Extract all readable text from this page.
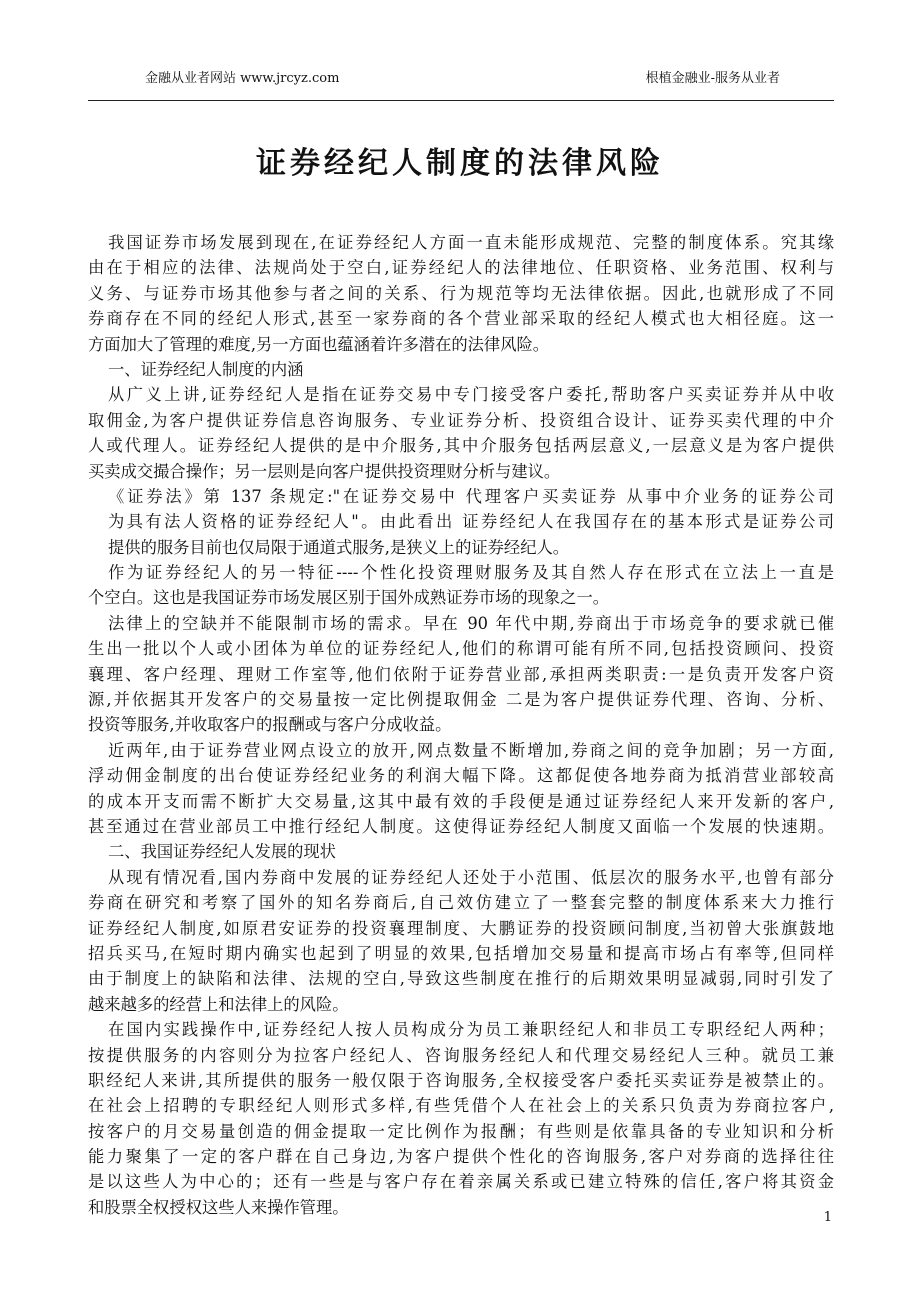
金融从业者网站 www.jrcyz.com	根植金融业-服务从业者
证券经纪人制度的法律风险
我国证券市场发展到现在,在证券经纪人方面一直未能形成规范、完整的制度体系。究其缘
由在于相应的法律、法规尚处于空白,证券经纪人的法律地位、任职资格、业务范围、权利与
义务、与证券市场其他参与者之间的关系、行为规范等均无法律依据。因此,也就形成了不同
券商存在不同的经纪人形式,甚至一家券商的各个营业部采取的经纪人模式也大相径庭。这一
方面加大了管理的难度,另一方面也蕴涵着许多潜在的法律风险。
一、证券经纪人制度的内涵
从广义上讲,证券经纪人是指在证券交易中专门接受客户委托,帮助客户买卖证券并从中收
取佣金,为客户提供证券信息咨询服务、专业证券分析、投资组合设计、证券买卖代理的中介
人或代理人。证券经纪人提供的是中介服务,其中介服务包括两层意义,一层意义是为客户提供
买卖成交撮合操作；另一层则是向客户提供投资理财分析与建议。
《证券法》第 137 条规定:"在证券交易中 代理客户买卖证券 从事中介业务的证券公司
为具有法人资格的证券经纪人"。由此看出 证券经纪人在我国存在的基本形式是证券公司
提供的服务目前也仅局限于通道式服务,是狭义上的证券经纪人。
作为证券经纪人的另一特征----个性化投资理财服务及其自然人存在形式在立法上一直是
个空白。这也是我国证券市场发展区别于国外成熟证券市场的现象之一。
法律上的空缺并不能限制市场的需求。早在 90 年代中期,券商出于市场竞争的要求就已催
生出一批以个人或小团体为单位的证券经纪人,他们的称谓可能有所不同,包括投资顾问、投资
襄理、客户经理、理财工作室等,他们依附于证券营业部,承担两类职责:一是负责开发客户资
源,并依据其开发客户的交易量按一定比例提取佣金 二是为客户提供证券代理、咨询、分析、
投资等服务,并收取客户的报酬或与客户分成收益。
近两年,由于证券营业网点设立的放开,网点数量不断增加,券商之间的竞争加剧；另一方面,
浮动佣金制度的出台使证券经纪业务的利润大幅下降。这都促使各地券商为抵消营业部较高
的成本开支而需不断扩大交易量,这其中最有效的手段便是通过证券经纪人来开发新的客户,
甚至通过在营业部员工中推行经纪人制度。这使得证券经纪人制度又面临一个发展的快速期。
二、我国证券经纪人发展的现状
从现有情况看,国内券商中发展的证券经纪人还处于小范围、低层次的服务水平,也曾有部分
券商在研究和考察了国外的知名券商后,自己效仿建立了一整套完整的制度体系来大力推行
证券经纪人制度,如原君安证券的投资襄理制度、大鹏证券的投资顾问制度,当初曾大张旗鼓地
招兵买马,在短时期内确实也起到了明显的效果,包括增加交易量和提高市场占有率等,但同样
由于制度上的缺陷和法律、法规的空白,导致这些制度在推行的后期效果明显减弱,同时引发了
越来越多的经营上和法律上的风险。
在国内实践操作中,证券经纪人按人员构成分为员工兼职经纪人和非员工专职经纪人两种；
按提供服务的内容则分为拉客户经纪人、咨询服务经纪人和代理交易经纪人三种。就员工兼
职经纪人来讲,其所提供的服务一般仅限于咨询服务,全权接受客户委托买卖证券是被禁止的。
在社会上招聘的专职经纪人则形式多样,有些凭借个人在社会上的关系只负责为券商拉客户,
按客户的月交易量创造的佣金提取一定比例作为报酬；有些则是依靠具备的专业知识和分析
能力聚集了一定的客户群在自己身边,为客户提供个性化的咨询服务,客户对券商的选择往往
是以这些人为中心的；还有一些是与客户存在着亲属关系或已建立特殊的信任,客户将其资金
和股票全权授权这些人来操作管理。
1
